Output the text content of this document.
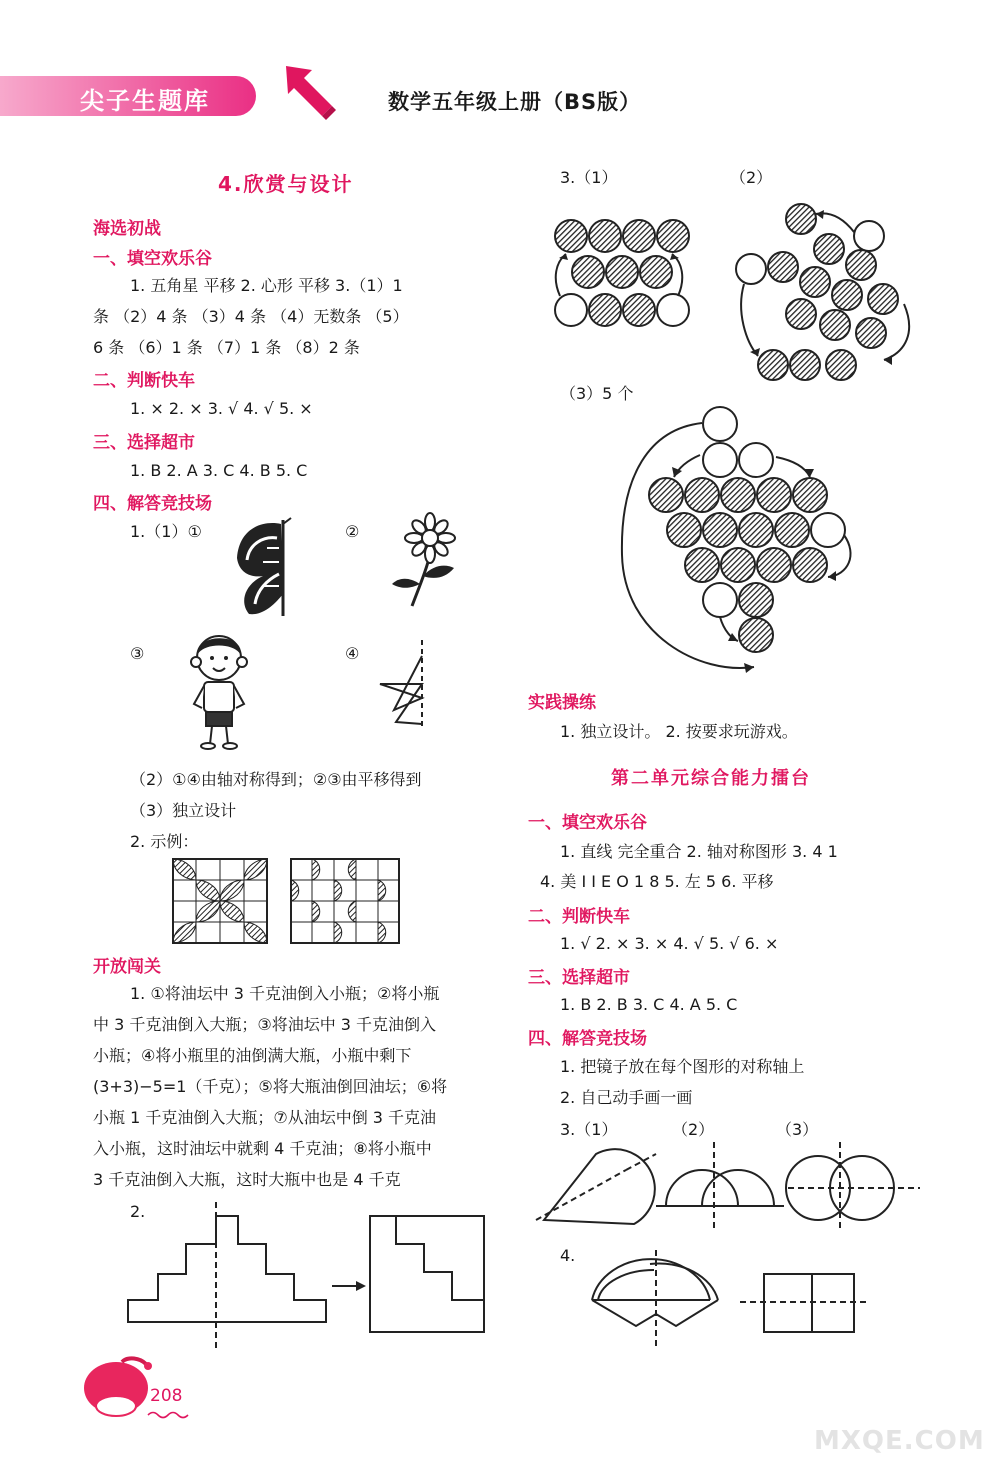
尖子生题库	数学五年级上册（BS版）
4.欣赏与设计
海选初战
一、填空欢乐谷
1. 五角星 平移 2. 心形 平移 3.（1）1
条 （2）4 条 （3）4 条 （4）无数条 （5）
6 条 （6）1 条 （7）1 条 （8）2 条
二、判断快车
1. × 2. × 3. √ 4. √ 5. ×
三、选择超市
1. B 2. A 3. C 4. B 5. C
四、解答竞技场
1.（1）①	②
③	④
（2）①④由轴对称得到；②③由平移得到
（3）独立设计
2. 示例：
开放闯关
1. ①将油坛中 3 千克油倒入小瓶；②将小瓶
中 3 千克油倒入大瓶；③将油坛中 3 千克油倒入
小瓶；④将小瓶里的油倒满大瓶，小瓶中剩下
(3+3)−5=1（千克）；⑤将大瓶油倒回油坛；⑥将
小瓶 1 千克油倒入大瓶；⑦从油坛中倒 3 千克油
入小瓶，这时油坛中就剩 4 千克油；⑧将小瓶中
3 千克油倒入大瓶，这时大瓶中也是 4 千克
2.
3.（1）	（2）
（3）5 个
实践操练
1. 独立设计。 2. 按要求玩游戏。
第二单元综合能力擂台
一、填空欢乐谷
1. 直线 完全重合 2. 轴对称图形 3. 4 1
4. 美 I I E O 1 8 5. 左 5 6. 平移
二、判断快车
1. √ 2. × 3. × 4. √ 5. √ 6. ×
三、选择超市
1. B 2. B 3. C 4. A 5. C
四、解答竞技场
1. 把镜子放在每个图形的对称轴上
2. 自己动手画一画
3.（1）	（2）	（3）
4.
208
MXQE.COM
